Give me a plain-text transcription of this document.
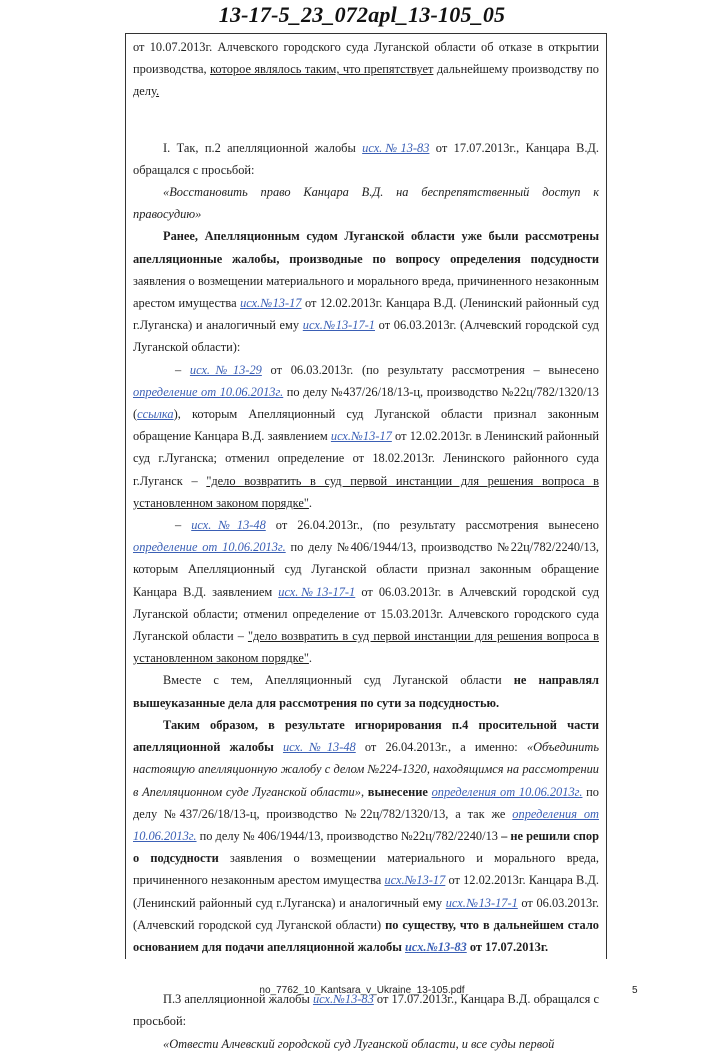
13-17-5_23_072apl_13-105_05

от 10.07.2013г. Алчевского городского суда Луганской области об отказе в открытии производства, которое являлось таким, что препятствует дальнейшему производству по делу.

I. Так, п.2 апелляционной жалобы исх.№13-83 от 17.07.2013г., Канцара В.Д. обращался с просьбой:

«Восстановить право Канцара В.Д. на беспрепятственный доступ к правосудию»

Ранее, Апелляционным судом Луганской области уже были рассмотрены апелляционные жалобы, производные по вопросу определения подсудности заявления о возмещении материального и морального вреда, причиненного незаконным арестом имущества исх.№13-17 от 12.02.2013г. Канцара В.Д. (Ленинский районный суд г.Луганска) и аналогичный ему исх.№13-17-1 от 06.03.2013г. (Алчевский городской суд Луганской области):

– исх.№13-29 от 06.03.2013г. (по результату рассмотрения – вынесено определение от 10.06.2013г. по делу №437/26/18/13-ц, производство №22ц/782/1320/13 (ссылка), которым Апелляционный суд Луганской области признал законным обращение Канцара В.Д. заявлением исх.№13-17 от 12.02.2013г. в Ленинский районный суд г.Луганска; отменил определение от 18.02.2013г. Ленинского районного суда г.Луганск – "дело возвратить в суд первой инстанции для решения вопроса в установленном законом порядке".

– исх.№13-48 от 26.04.2013г., (по результату рассмотрения вынесено определение от 10.06.2013г. по делу №406/1944/13, производство №22ц/782/2240/13, которым Апелляционный суд Луганской области признал законным обращение Канцара В.Д. заявлением исх.№13-17-1 от 06.03.2013г. в Алчевский городской суд Луганской области; отменил определение от 15.03.2013г. Алчевского городского суда Луганской области – "дело возвратить в суд первой инстанции для решения вопроса в установленном законом порядке".

Вместе с тем, Апелляционный суд Луганской области не направлял вышеуказанные дела для рассмотрения по сути за подсудностью.

Таким образом, в результате игнорирования п.4 просительной части апелляционной жалобы исх.№13-48 от 26.04.2013г., а именно: «Объединить настоящую апелляционную жалобу с делом №224-1320, находящимся на рассмотрении в Апелляционном суде Луганской области», вынесение определения от 10.06.2013г. по делу №437/26/18/13-ц, производство №22ц/782/1320/13, а так же определения от 10.06.2013г. по делу № 406/1944/13, производство №22ц/782/2240/13 – не решили спор о подсудности заявления о возмещении материального и морального вреда, причиненного незаконным арестом имущества исх.№13-17 от 12.02.2013г. Канцара В.Д. (Ленинский районный суд г.Луганска) и аналогичный ему исх.№13-17-1 от 06.03.2013г. (Алчевский городской суд Луганской области) по существу, что в дальнейшем стало основанием для подачи апелляционной жалобы исх.№13-83 от 17.07.2013г.

П.3 апелляционной жалобы исх.№13-83 от 17.07.2013г., Канцара В.Д. обращался с просьбой:

«Отвести Алчевский городской суд Луганской области, и все суды первой

no_7762_10_Kantsara_v_Ukraine_13-105.pdf	5
